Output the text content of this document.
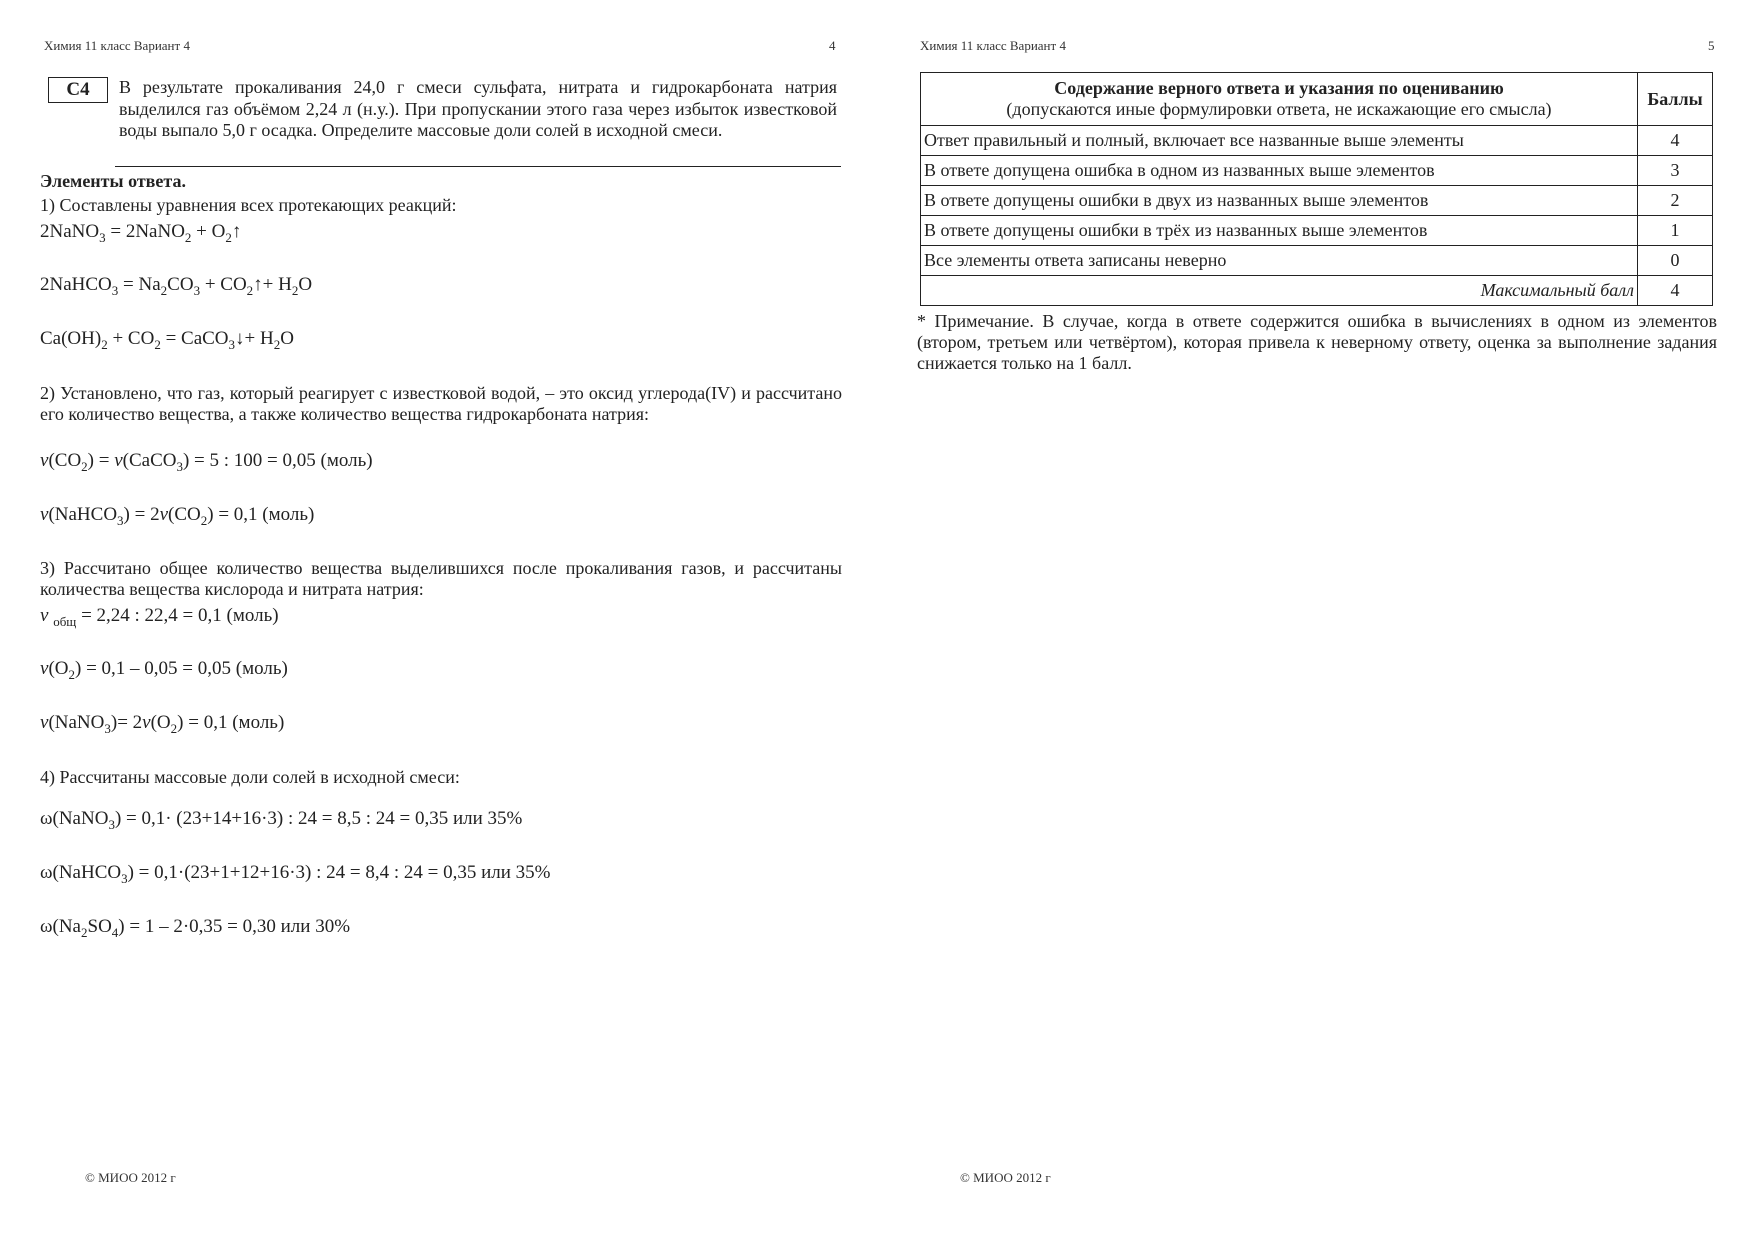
Химия 11 класс Вариант 4	4
С4	В результате прокаливания 24,0 г смеси сульфата, нитрата и гидрокарбоната натрия выделился газ объёмом 2,24 л (н.у.). При пропускании этого газа через избыток известковой воды выпало 5,0 г осадка. Определите массовые доли солей в исходной смеси.
Элементы ответа.
1) Составлены уравнения всех протекающих реакций:
2NaNO$_3$ = 2NaNO$_2$ + $O_2↑$
2NaHCO$_3$ = $Na_2CO_3$ + $CO_2↑+ H_2O$
$Ca(OH)_2 + CO_2$ = CaCO$_3$↓+ $H_2O$
2) Установлено, что газ, который реагирует с известковой водой, – это оксид углерода(IV) и рассчитано его количество вещества, а также количество вещества гидрокарбоната натрия:
$\nu(CO_2)$ = ν(CaCO$_3$) = 5 : 100 = 0,05 (моль)
ν(NaHCO$_3$) = $2\nu(CO_2) = 0,1$ (моль)
3) Рассчитано общее количество вещества выделившихся после прокаливания газов, и рассчитаны количества вещества кислорода и нитрата натрия:
ν $_{общ}$ = 2,24 : 22,4 = 0,1 (моль)
$\nu(O_2) = 0,1 - 0,05 = 0,05$ (моль)
ν(NaNO$_3$)= $2\nu(O_2) = 0,1$ (моль)
4) Рассчитаны массовые доли солей в исходной смеси:
ω(NaNO$_3$) = 0,1· (23+14+16·3) : 24 = 8,5 : 24 = 0,35 или 35%
ω(NaHCO$_3$) = 0,1·(23+1+12+16·3) : 24 = 8,4 : 24 = 0,35 или 35%
$\omega(Na_2SO_4) = 1 - 2\cdot 0,35 = 0,30$ или 30%
© МИОО 2012 г
Химия 11 класс Вариант 4	5
© МИОО 2012 г
Содержание верного ответа и указания по оцениванию
(допускаются иные формулировки ответа, не искажающие его смысла)	Баллы
Ответ правильный и полный, включает все названные выше элементы	4
В ответе допущена ошибка в одном из названных выше элементов	3
В ответе допущены ошибки в двух из названных выше элементов	2
В ответе допущены ошибки в трёх из названных выше элементов	1
Все элементы ответа записаны неверно	0
Максимальный балл	4
* Примечание. В случае, когда в ответе содержится ошибка в вычислениях в одном из элементов (втором, третьем или четвёртом), которая привела к неверному ответу, оценка за выполнение задания снижается только на 1 балл.
